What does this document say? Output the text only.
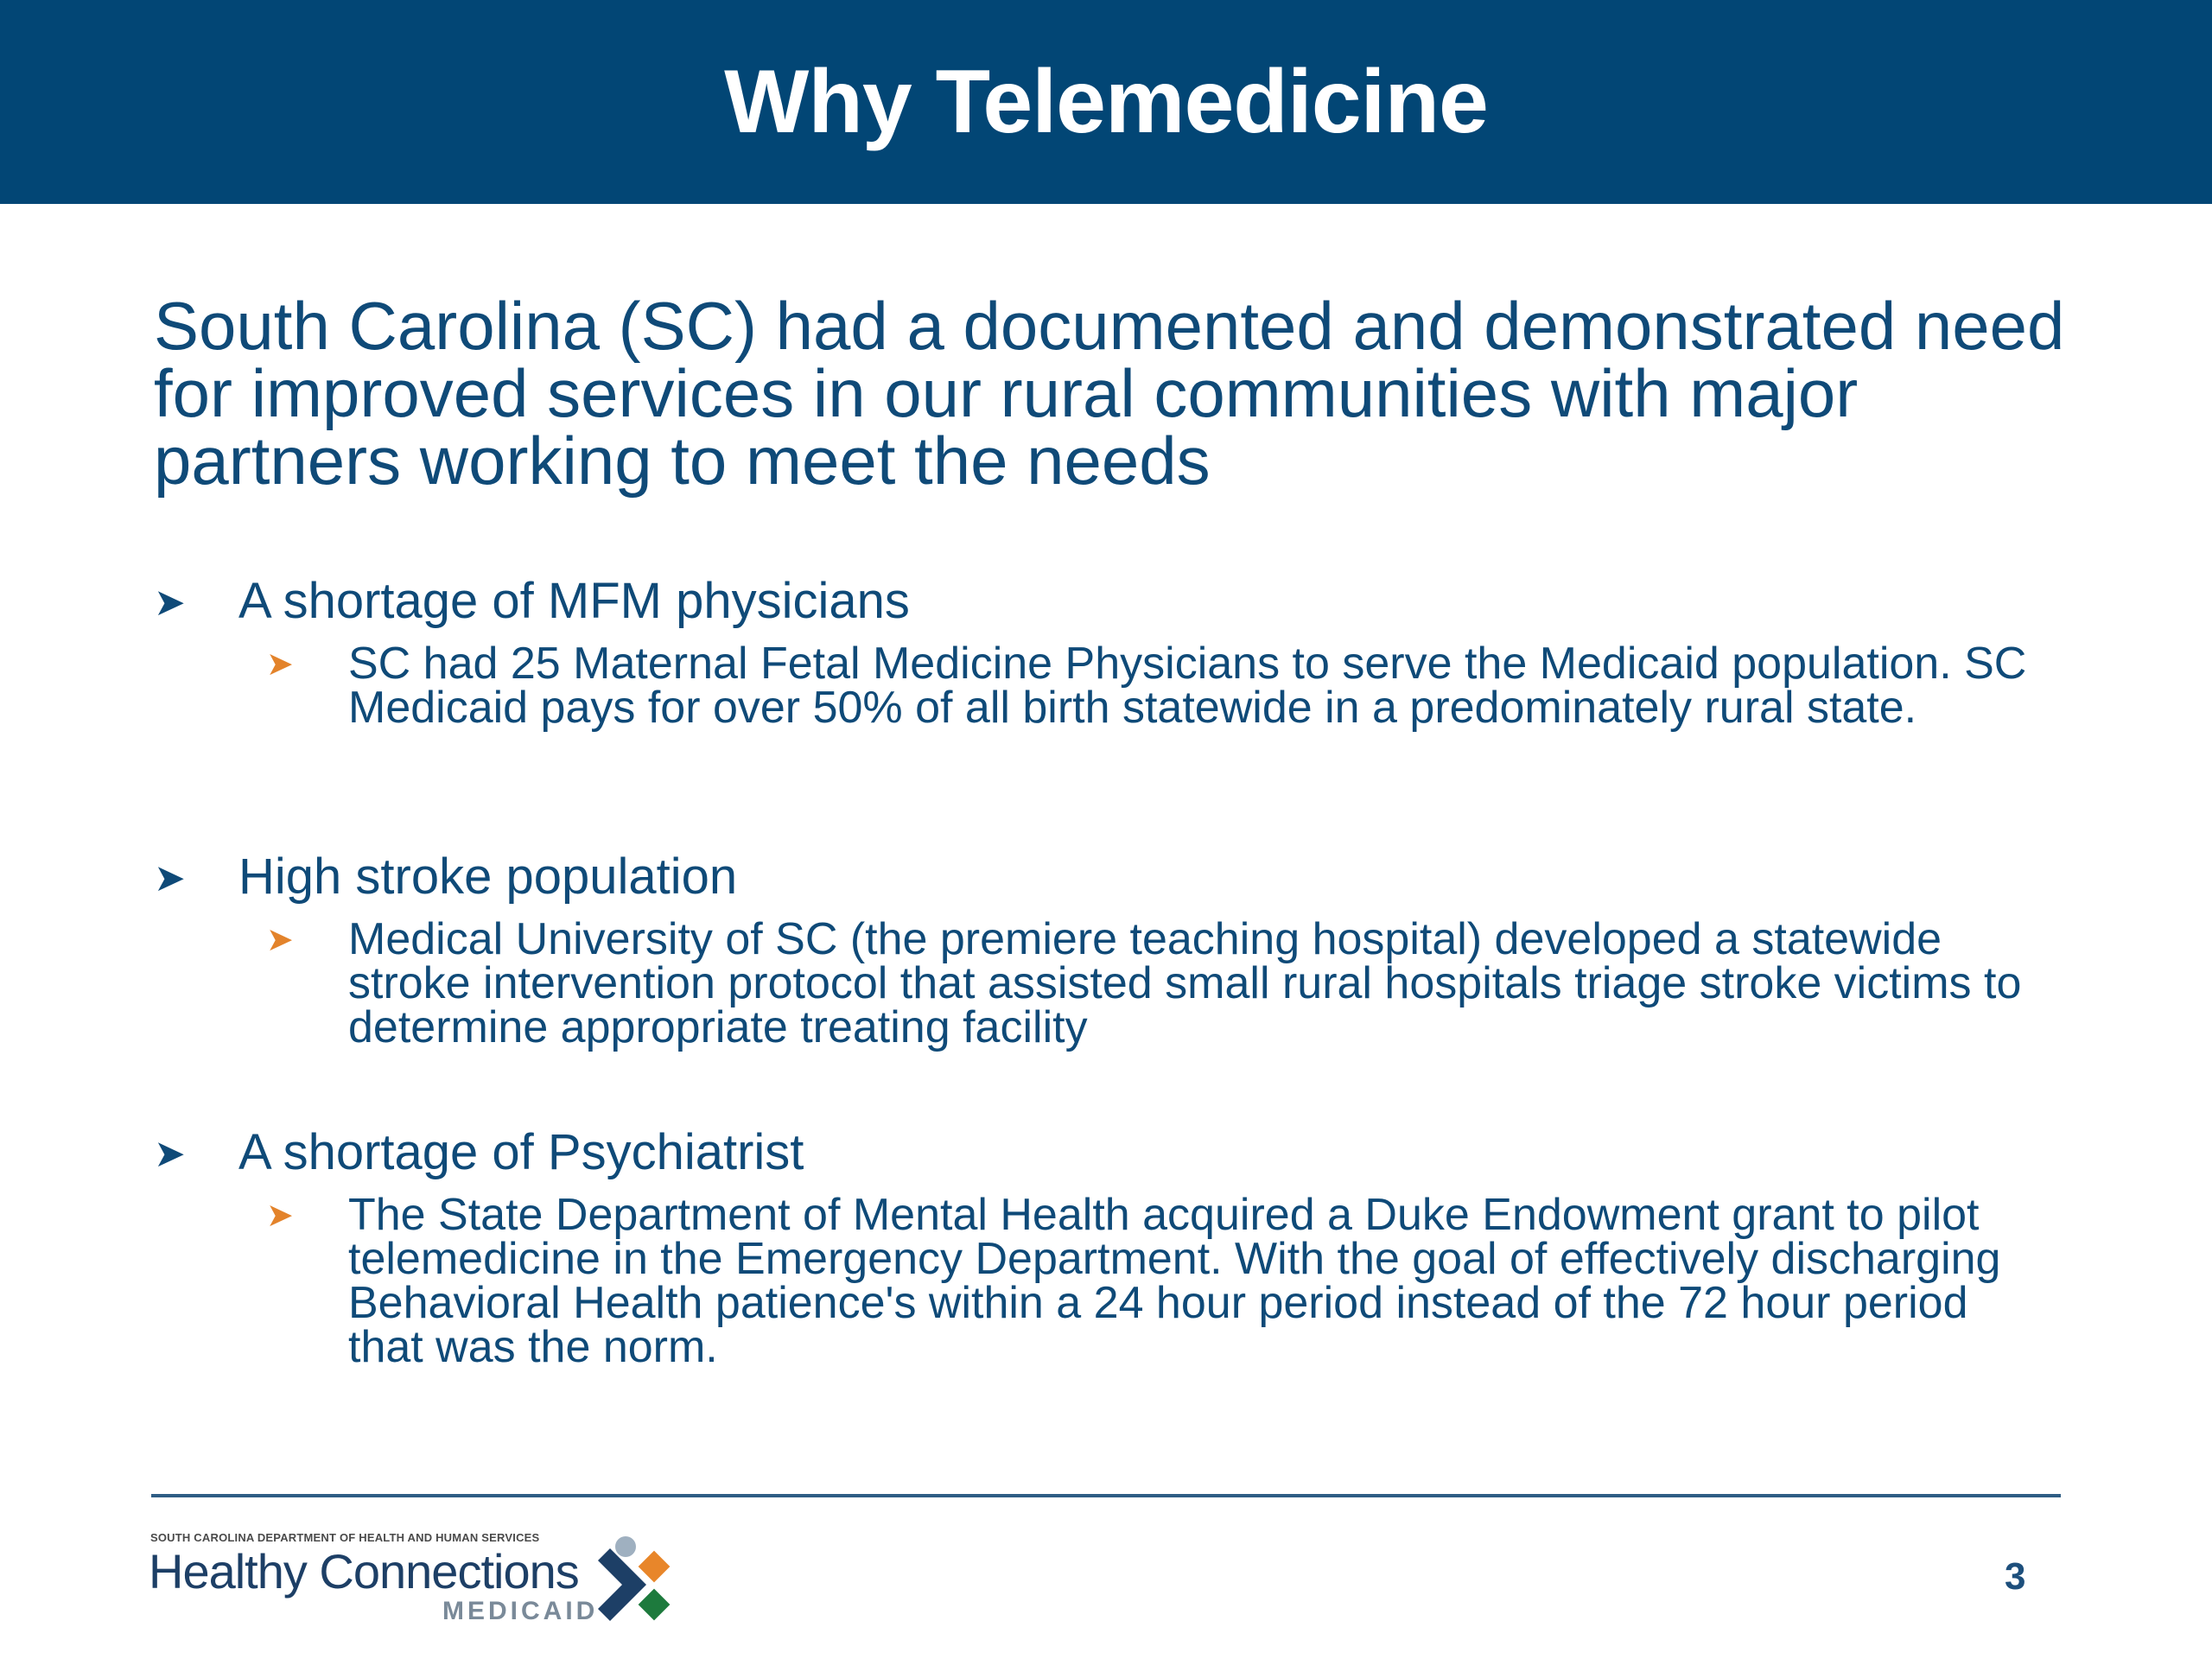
Why Telemedicine

South Carolina (SC) had a documented and demonstrated need for improved services in our rural communities with major partners working to meet the needs

➤	A shortage of MFM physicians
➤	SC had 25 Maternal Fetal Medicine Physicians to serve the Medicaid population. SC Medicaid pays for over 50% of all birth statewide in a predominately rural state.
➤	High stroke population
➤	Medical University of SC (the premiere teaching hospital) developed a statewide stroke intervention protocol that assisted small rural hospitals triage stroke victims to determine appropriate treating facility
➤	A shortage of Psychiatrist
➤	The State Department of Mental Health acquired a Duke Endowment grant to pilot telemedicine in the Emergency Department. With the goal of effectively discharging Behavioral Health patience's within a 24 hour period instead of the 72 hour period that was the norm.
SOUTH CAROLINA DEPARTMENT OF HEALTH AND HUMAN SERVICES
Healthy Connections
MEDICAID
3
